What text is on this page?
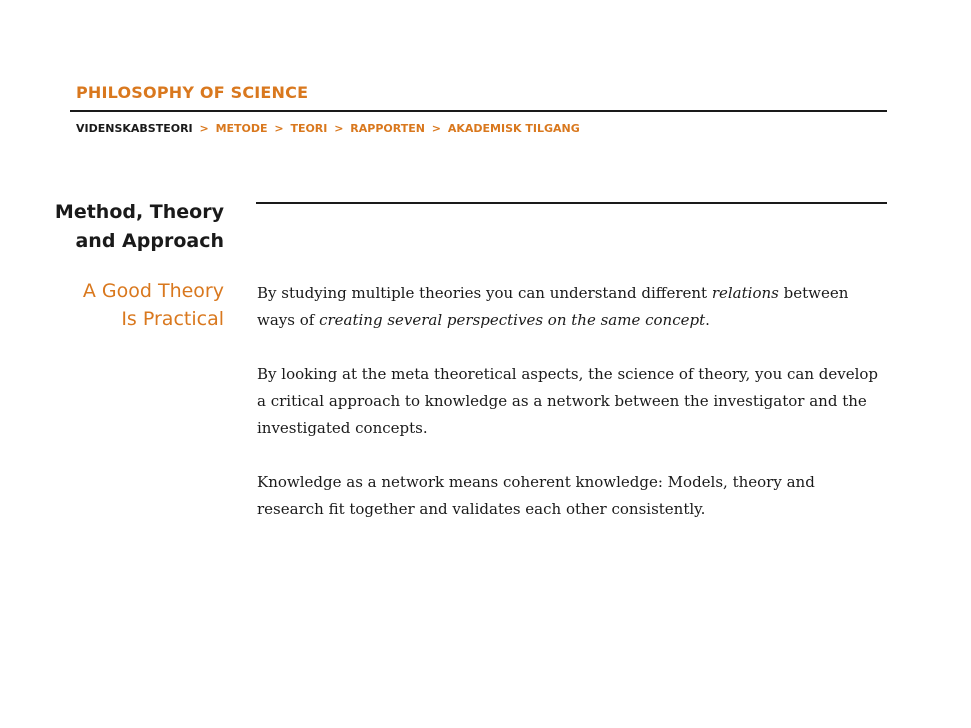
PHILOSOPHY OF SCIENCE
VIDENSKABSTEORI > METODE > TEORI > RAPPORTEN > AKADEMISK TILGANG
Method, Theory
and Approach
A Good Theory
Is Practical

By studying multiple theories you can understand different relations between ways of creating several perspectives on the same concept.

By looking at the meta theoretical aspects, the science of theory, you can develop a critical approach to knowledge as a network between the investigator and the investigated concepts.

Knowledge as a network means coherent knowledge: Models, theory and research fit together and validates each other consistently.
